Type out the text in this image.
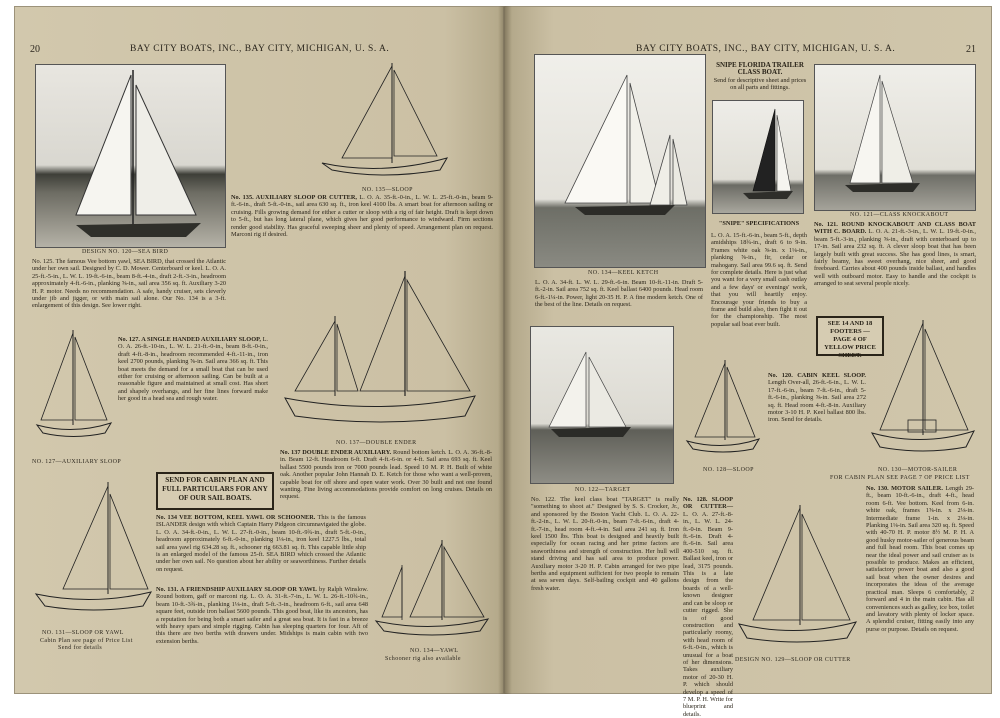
20	BAY CITY BOATS, INC., BAY CITY, MICHIGAN, U. S. A.
DESIGN NO. 120—SEA BIRD
No. 125. The famous Vee bottom yawl, SEA BIRD, that crossed the Atlantic under her own sail. Designed by C. D. Mower. Centerboard or keel. L. O. A. 25-ft.-5-in., L. W. L. 19-ft.-6-in., beam 8-ft.-4-in., draft 2-ft.-3-in., headroom approximately 4-ft.-6-in., planking ⅝-in., sail area 356 sq. ft. Auxiliary 3-20 H. P. motor. Needs no recommendation. A safe, handy cruiser, sets cleverly under jib and jigger, or with main sail alone. Our No. 134 is a 3-ft. enlargement of this design. See lower right.
NO. 135—SLOOP
No. 135. AUXILIARY SLOOP OR CUTTER, L. O. A. 35-ft.-0-in., L. W. L. 25-ft.-0-in., beam 9-ft.-6-in., draft 5-ft.-0-in., sail area 630 sq. ft., iron keel 4100 lbs. A smart boat for afternoon sailing or cruising. Fills growing demand for either a cutter or sloop with a rig of fair height. Draft is kept down to 5-ft., but has long lateral plane, which gives her good performance to windward. Firm sections render good stability. Has graceful sweeping sheer and plenty of speed. Arrangement plan on request. Marconi rig if desired.
NO. 127—AUXILIARY SLOOP
No. 127. A SINGLE HANDED AUXILIARY SLOOP, L. O. A. 26-ft.-10-in., L. W. L. 21-ft.-0-in., beam 8-ft.-0-in., draft 4-ft.-8-in., headroom recommended 4-ft.-11-in., iron keel 2700 pounds, planking ⅝-in. Sail area 366 sq. ft. This boat meets the demand for a small boat that can be used either for cruising or afternoon sailing. Can be built at a reasonable figure and maintained at small cost. Has short and shapely overhangs, and her fine lines forward make her good in a head sea and rough water.
NO. 137—DOUBLE ENDER
No. 137 DOUBLE ENDER AUXILIARY. Round bottom ketch. L. O. A. 36-ft.-8-in. Beam 12-ft. Headroom 6-ft. Draft 4-ft.-6-in. or 4-ft. Sail area 693 sq. ft. Keel ballast 5500 pounds iron or 7000 pounds lead. Speed 10 M. P. H. Built of white oak. Another popular John Hannah D. E. Ketch for those who want a well-proven, capable boat for off shore and open water work. Over 30 built and not one found wanting. Fine living accommodations provide comfort on long cruises. Details on request.
SEND FOR CABIN PLAN AND FULL PARTICULARS FOR ANY OF OUR SAIL BOATS.
NO. 131—SLOOP OR YAWL
Cabin Plan see page of Price List
Send for details
No. 134 VEE BOTTOM, KEEL YAWL OR SCHOONER. This is the famous ISLANDER design with which Captain Harry Pidgeon circumnavigated the globe. L. O. A. 34-ft.-0-in., L. W. L. 27-ft.-0-in., beam 10-ft.-9¾-in., draft 5-ft.-0-in., headroom approximately 6-ft.-0-in., planking 1⅛-in., iron keel 1227.5 lbs., total sail area yawl rig 634.28 sq. ft., schooner rig 663.81 sq. ft. This capable little ship is an enlarged model of the famous 25-ft. SEA BIRD which crossed the Atlantic under her own sail. No question about her ability or seaworthiness. Further details on request.
No. 131. A FRIENDSHIP AUXILIARY SLOOP OR YAWL by Ralph Winslow. Round bottom, gaff or marconi rig. L. O. A. 31-ft.-7-in., L. W. L. 26-ft.-10¾-in., beam 10-ft.-3¾-in., planking 1⅛-in., draft 5-ft.-3-in., headroom 6-ft., sail area 648 square feet, outside iron ballast 5600 pounds. This good boat, like its ancestors, has a reputation for being both a smart sailer and a great sea boat. It is fast in a breeze with heavy spars and simple rigging. Cabin has sleeping quarters for four. Aft of this there are two berths with drawers under. Midships is main cabin with two extension berths.
NO. 134—YAWL
Schooner rig also available
BAY CITY BOATS, INC., BAY CITY, MICHIGAN, U. S. A.	21
NO. 134—KEEL KETCH
L. O. A. 34-ft. L. W. L. 29-ft.-6-in. Beam 10-ft.-11-in. Draft 5-ft.-2-in. Sail area 752 sq. ft. Keel ballast 6400 pounds. Head room 6-ft.-1¼-in. Power, light 20-35 H. P. A fine modern ketch. One of the best of the line. Details on request.
SNIPE FLORIDA TRAILER CLASS BOAT.
Send for descriptive sheet and prices on all parts and fittings.
"SNIPE" SPECIFICATIONS
L. O. A. 15-ft.-6-in., beam 5-ft., depth amidships 18¾-in., draft 6 to 9-in. Frames white oak ⅝-in. x 1⅛-in., planking ⅝-in., fir, cedar or mahogany. Sail area 99.6 sq. ft. Send for complete details. Here is just what you want for a very small cash outlay and a few days' or evenings' work, that you will heartily enjoy. Encourage your friends to buy a frame and build also, then fight it out for the championship. The most popular sail boat ever built.
NO. 121—CLASS KNOCKABOUT
No. 121. ROUND KNOCKABOUT AND CLASS BOAT WITH C. BOARD. L. O. A. 21-ft.-3-in., L. W. L. 19-ft.-0-in., beam 5-ft.-3-in., planking ⅝-in., draft with centerboard up to 17-in. Sail area 232 sq. ft. A clever sloop boat that has been largely built with great success. She has good lines, is smart, fairly beamy, has sweet overhang, nice sheer, and good freeboard. Carries about 400 pounds inside ballast, and handles well with outboard motor. Easy to handle and the cockpit is arranged to seat several people nicely.
SEE 14 AND 18 FOOTERS — PAGE 4 OF YELLOW PRICE SHEET.
NO. 130—MOTOR-SAILER
FOR CABIN PLAN SEE PAGE 7 OF PRICE LIST
NO. 122—TARGET
No. 122. The keel class boat "TARGET" is really "something to shoot at." Designed by S. S. Crocker, Jr., and sponsored by the Boston Yacht Club. L. O. A. 22-ft.-2-in., L. W. L. 20-ft.-0-in., beam 7-ft.-6-in., draft 4-ft.-7-in., head room 4-ft.-4-in. Sail area 241 sq. ft. Iron keel 1500 lbs. This boat is designed and heavily built especially for ocean racing and her prime factors are seaworthiness and strength of construction. Her hull will stand driving and has sail area to produce power. Auxiliary motor 3-20 H. P. Cabin arranged for two pipe berths and equipment sufficient for two people to remain at sea seven days. Self-bailing cockpit and 40 gallons fresh water.
NO. 128—SLOOP
No. 128. SLOOP OR CUTTER— L. O. A. 27-ft.-8-in., L. W. L. 24-ft.-0-in. Beam 9-ft.-6-in. Draft 4-ft.-6-in. Sail area 400-510 sq. ft. Ballast keel, iron or lead, 3175 pounds. This is a late design from the boards of a well-known designer and can be sloop or cutter rigged. She is of good construction and particularly roomy, with head room of 6-ft.-0-in., which is unusual for a boat of her dimensions. Takes auxiliary motor of 20-30 H. P. which should develop a speed of 7 M. P. H. Write for blueprint and details.
No. 120. CABIN KEEL SLOOP. Length Over-all, 26-ft.-6-in., L. W. L. 17-ft.-6-in., beam 7-ft.-6-in., draft 5-ft.-6-in., planking ⅝-in. Sail area 272 sq. ft. Head room 4-ft.-8-in. Auxiliary motor 3-10 H. P. Keel ballast 800 lbs. iron. Send for details.
DESIGN NO. 129—SLOOP OR CUTTER
No. 130. MOTOR SAILER. Length 29-ft., beam 10-ft.-6-in., draft 4-ft., head room 6-ft. Vee bottom. Keel from 6-in. white oak, frames 1⅝-in. x 2⅛-in. Intermediate frame 1-in. x 2⅛-in. Planking 1⅛-in. Sail area 320 sq. ft. Speed with 40-70 H. P. motor 8½ M. P. H. A good husky motor-sailer of generous beam and full head room. This boat comes up near the ideal power and sail cruiser as is possible to produce. Makes an efficient, satisfactory power boat and also a good sail boat when the owner desires and incorporates the ideas of the average practical man. Sleeps 6 comfortably, 2 forward and 4 in the main cabin. Has all conveniences such as galley, ice box, toilet and lavatory with plenty of locker space. A splendid cruiser, fitting easily into any purse or purpose. Details on request.
